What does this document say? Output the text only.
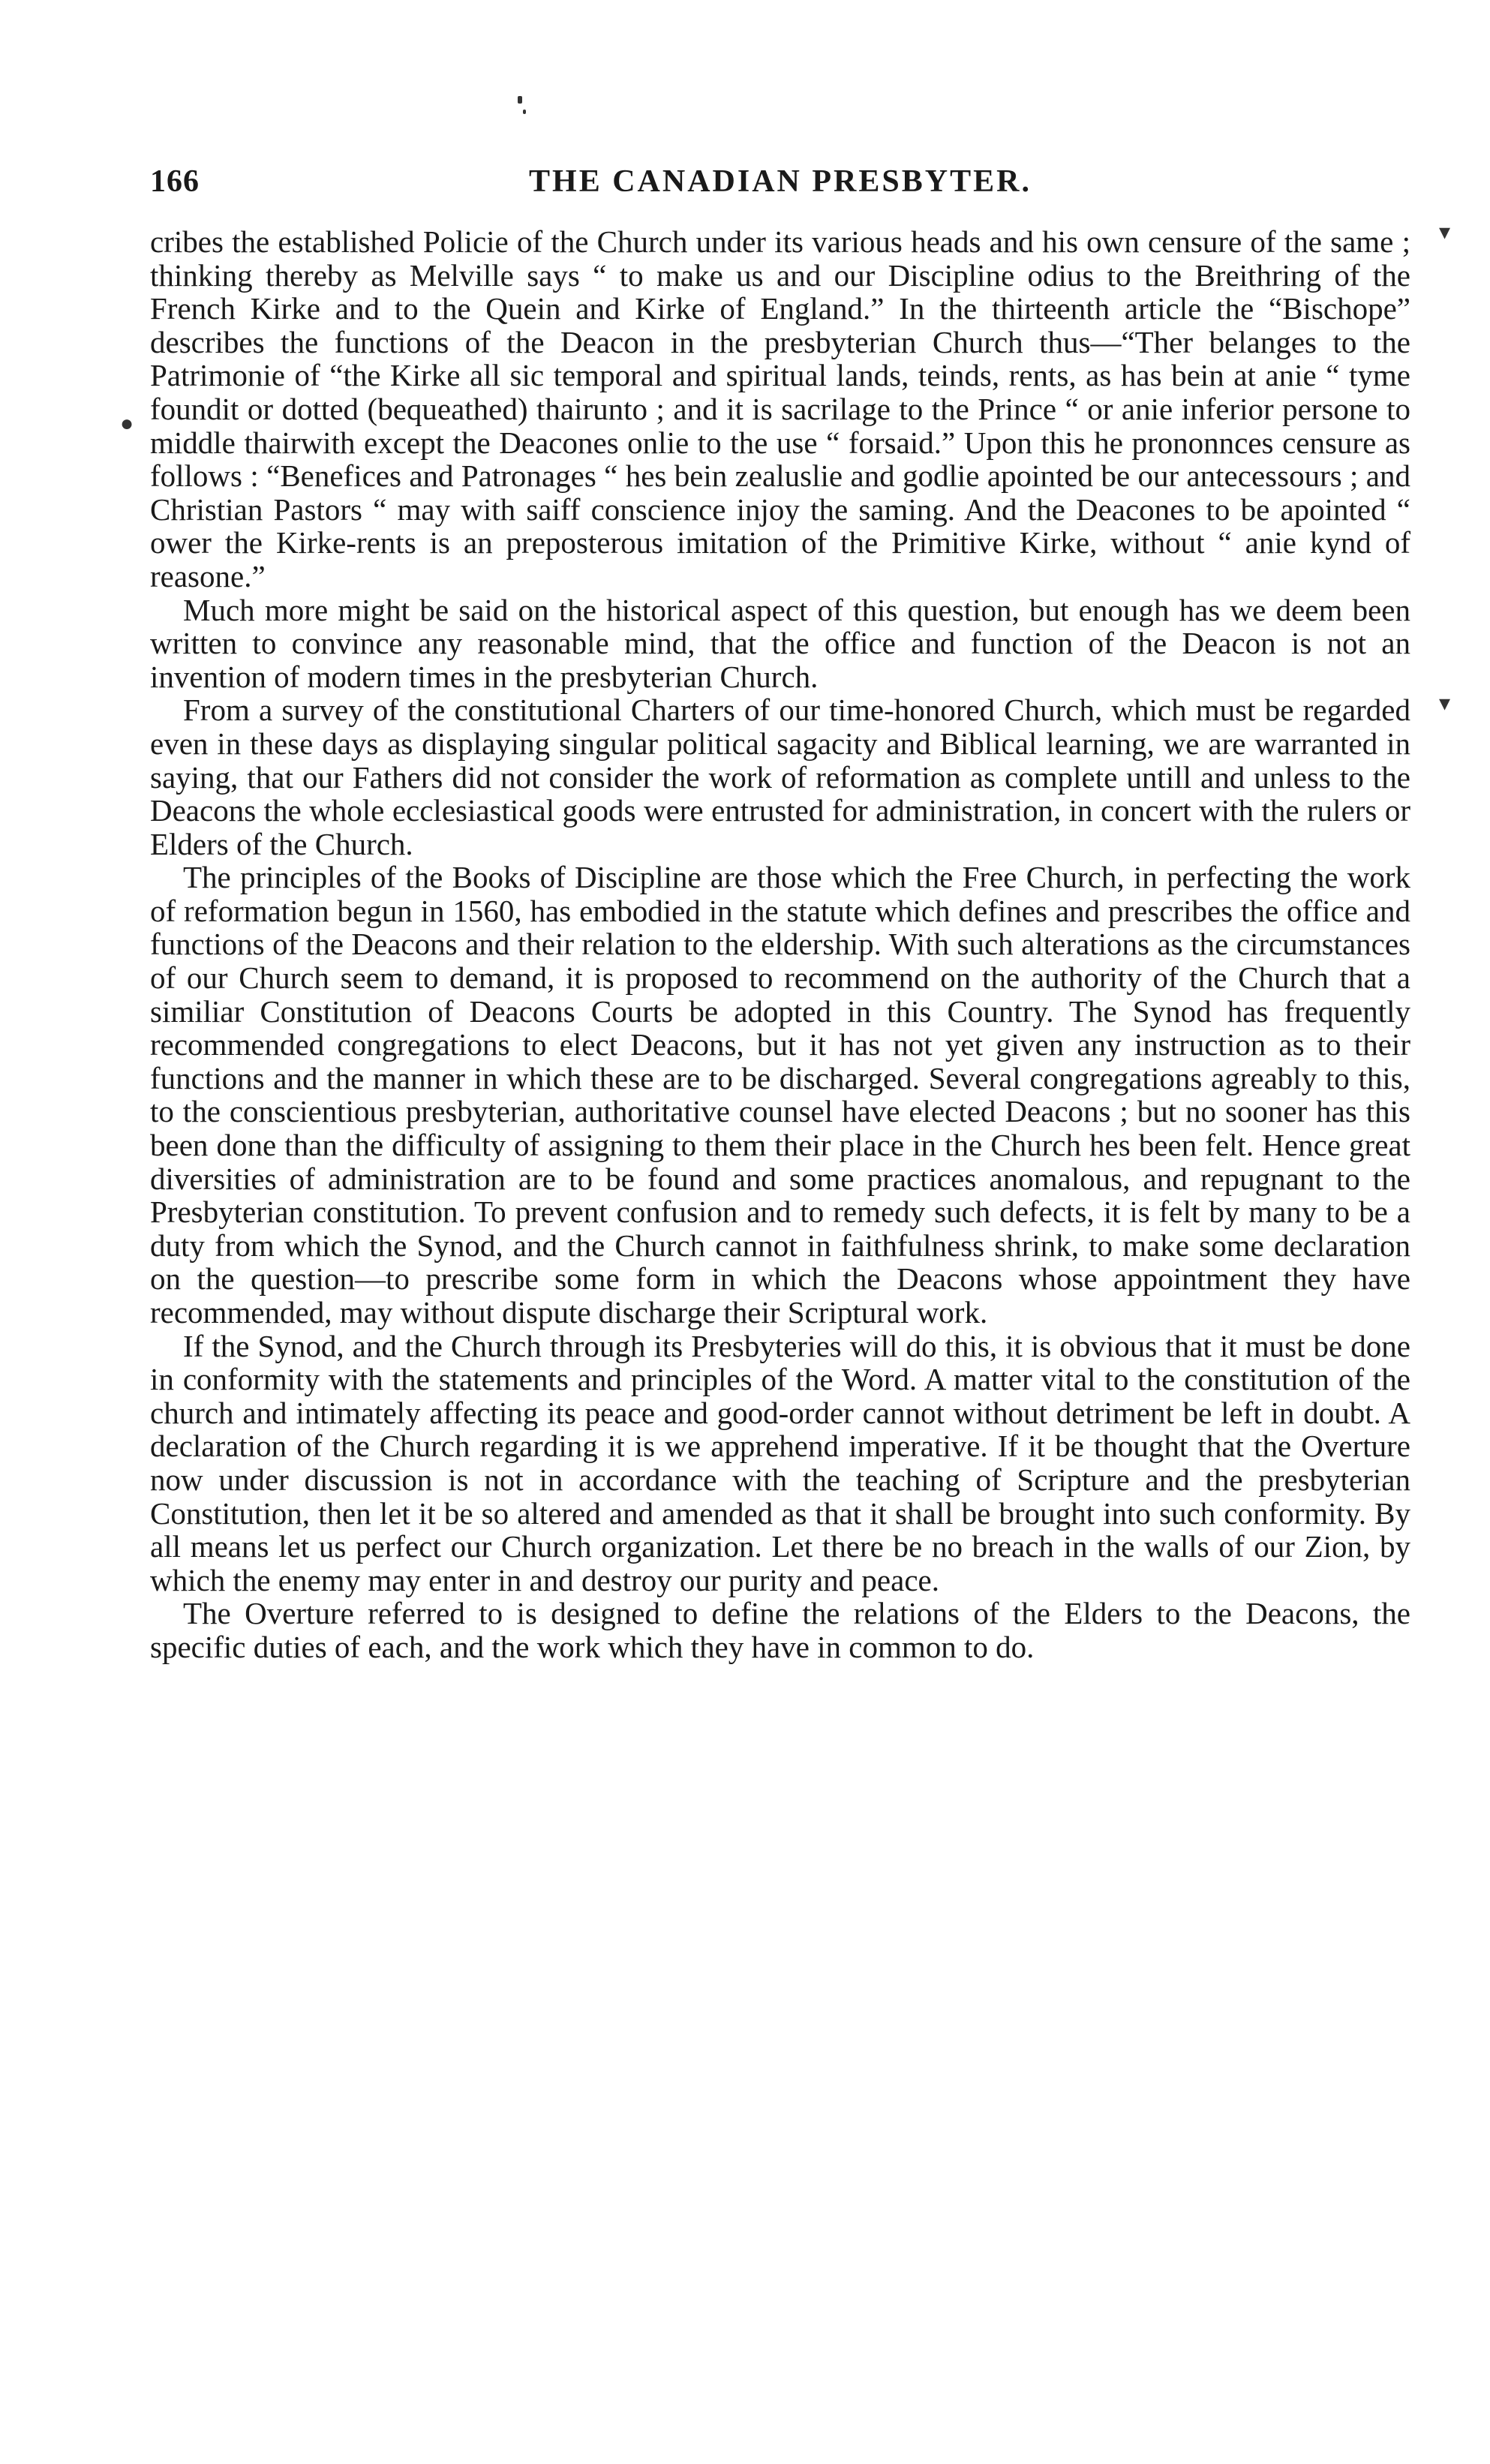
▾
●
▾
166	THE CANADIAN PRESBYTER.

cribes the established Policie of the Church under its various heads and his own censure of the same ; thinking thereby as Melville says “ to make us and our Discipline odius to the Breithring of the French Kirke and to the Quein and Kirke of England.” In the thirteenth article the “Bischope” describes the functions of the Deacon in the presbyterian Church thus—“Ther belanges to the Patrimonie of “the Kirke all sic temporal and spiritual lands, teinds, rents, as has bein at anie “ tyme foundit or dotted (bequeathed) thairunto ; and it is sacrilage to the Prince “ or anie inferior persone to middle thairwith except the Deacones onlie to the use “ forsaid.” Upon this he prononnces censure as follows : “Benefices and Patronages “ hes bein zealuslie and godlie apointed be our antecessours ; and Christian Pastors “ may with saiff conscience injoy the saming. And the Deacones to be apointed “ ower the Kirke-rents is an preposterous imitation of the Primitive Kirke, without “ anie kynd of reasone.”

Much more might be said on the historical aspect of this question, but enough has we deem been written to convince any reasonable mind, that the office and function of the Deacon is not an invention of modern times in the presbyterian Church.

From a survey of the constitutional Charters of our time-honored Church, which must be regarded even in these days as displaying singular political sagacity and Biblical learning, we are warranted in saying, that our Fathers did not consider the work of reformation as complete untill and unless to the Deacons the whole ecclesiastical goods were entrusted for administration, in concert with the rulers or Elders of the Church.

The principles of the Books of Discipline are those which the Free Church, in perfecting the work of reformation begun in 1560, has embodied in the statute which defines and prescribes the office and functions of the Deacons and their relation to the eldership. With such alterations as the circumstances of our Church seem to demand, it is proposed to recommend on the authority of the Church that a similiar Constitution of Deacons Courts be adopted in this Country. The Synod has frequently recommended congregations to elect Deacons, but it has not yet given any instruction as to their functions and the manner in which these are to be discharged. Several congregations agreably to this, to the conscientious presbyterian, authoritative counsel have elected Deacons ; but no sooner has this been done than the difficulty of assigning to them their place in the Church hes been felt. Hence great diversities of administration are to be found and some practices anomalous, and repugnant to the Presbyterian constitution. To prevent confusion and to remedy such defects, it is felt by many to be a duty from which the Synod, and the Church cannot in faithfulness shrink, to make some declaration on the question—to prescribe some form in which the Deacons whose appointment they have recommended, may without dispute discharge their Scriptural work.

If the Synod, and the Church through its Presbyteries will do this, it is obvious that it must be done in conformity with the statements and principles of the Word. A matter vital to the constitution of the church and intimately affecting its peace and good-order cannot without detriment be left in doubt. A declaration of the Church regarding it is we apprehend imperative. If it be thought that the Overture now under discussion is not in accordance with the teaching of Scripture and the presbyterian Constitution, then let it be so altered and amended as that it shall be brought into such conformity. By all means let us perfect our Church organization. Let there be no breach in the walls of our Zion, by which the enemy may enter in and destroy our purity and peace.

The Overture referred to is designed to define the relations of the Elders to the Deacons, the specific duties of each, and the work which they have in common to do.
